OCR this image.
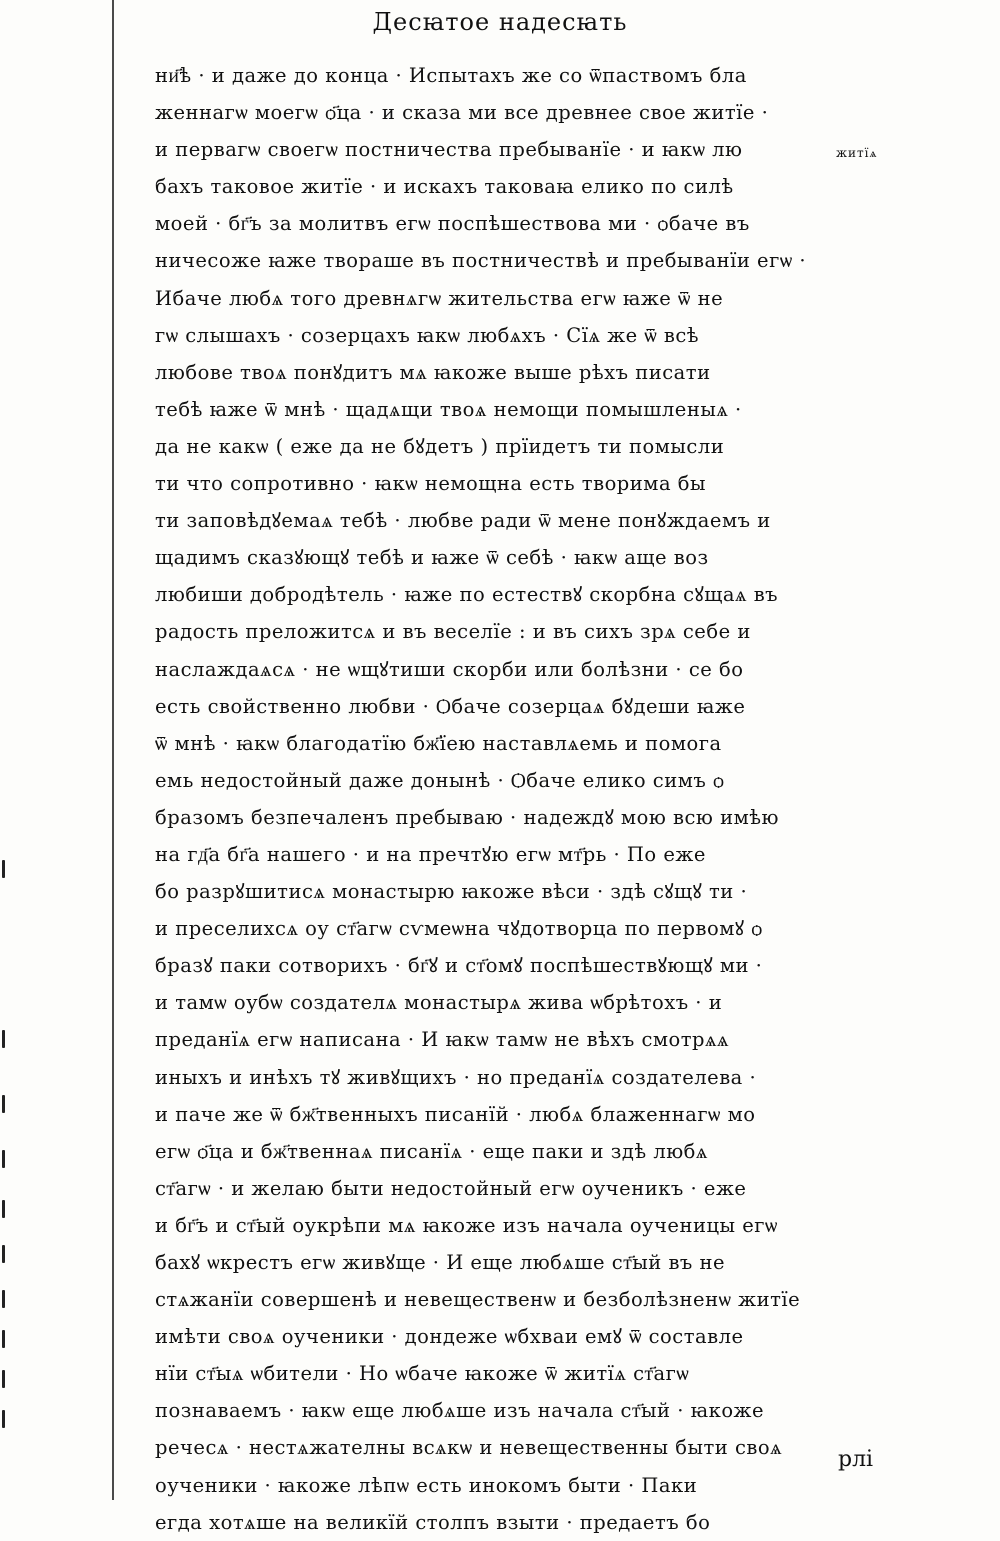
Десꙗтое надесꙗть
житїѧ
ни҃ѣ · и даже до конца · Испытахъ же со ѿпаствомъ бла
женнагѡ моегѡ ѻ҃ца · и сказа ми все древнее свое житїе ·
и первагѡ своегѡ постничества пребыванїе · и ꙗкѡ лю
бахъ таковое житїе · и искахъ таковаꙗ елико по силѣ
моей · бг҃ъ за молитвъ егѡ поспѣшествова ми · ѻбаче въ
ничесоже ꙗже твораше въ постничествѣ и пребыванїи егѡ ·
Ибаче любѧ того древнѧгѡ жительства егѡ ꙗже ѿ не
гѡ слышахъ · созерцахъ ꙗкѡ любѧхъ · Сїѧ же ѿ всѣ
любове твоѧ понꙋдитъ мѧ ꙗкоже выше рѣхъ писати
тебѣ ꙗже ѿ мнѣ · щадѧщи твоѧ немощи помышленыѧ ·
да не какѡ ( еже да не бꙋдетъ ) прїидетъ ти помысли
ти что сопротивно · ꙗкѡ немощна есть творима бы
ти заповѣдꙋемаѧ тебѣ · любве ради ѿ мене понꙋждаемъ и
щадимъ сказꙋющꙋ тебѣ и ꙗже ѿ себѣ · ꙗкѡ аще воз
любиши добродѣтель · ꙗже по естествꙋ скорбна сꙋщаѧ въ
радость преложитсѧ и въ веселїе : и въ сихъ зрѧ себе и
наслаждаѧсѧ · не ѡщꙋтиши скорби или болѣзни · се бо
есть свойственно любви · Ѻбаче созерцаѧ бꙋдеши ꙗже
ѿ мнѣ · ꙗкѡ благодатїю бж҃їею наставлѧемь и помога
емь недостойный даже донынѣ · Ѻбаче елико симъ ѻ
бразомъ безпечаленъ пребываю · надеждꙋ мою всю имѣю
на гд҃а бг҃а нашего · и на пречтꙋю егѡ мт҃рь · По еже
бо разрꙋшитисѧ монастырю ꙗкоже вѣси · здѣ сꙋщꙋ ти ·
и преселихсѧ оу ст҃агѡ сѵмеѡна чꙋдотворца по первомꙋ ѻ
бразꙋ паки сотворихъ · бг҃ꙋ и ст҃омꙋ поспѣшествꙋющꙋ ми ·
и тамѡ оубѡ создателѧ монастырѧ жива ѡбрѣтохъ · и
преданїѧ егѡ написана · И ꙗкѡ тамѡ не вѣхъ смотрѧѧ
иныхъ и инѣхъ тꙋ живꙋщихъ · но преданїѧ создателева ·
и паче же ѿ бж҃твенныхъ писанїй · любѧ блаженнагѡ мо
егѡ ѻ҃ца и бж҃твеннаѧ писанїѧ · еще паки и здѣ любѧ
ст҃агѡ · и желаю быти недостойный егѡ оученикъ · еже
и бг҃ъ и ст҃ый оукрѣпи мѧ ꙗкоже изъ начала оученицы егѡ
бахꙋ ѡкрестъ егѡ живꙋще · И еще любѧше ст҃ый въ не
стѧжанїи совершенѣ и невещественѡ и безболѣзненѡ житїе
имѣти своѧ оученики · дондеже ѡбхваи емꙋ ѿ составле
нїи ст҃ыѧ ѡбители · Но ѡбаче ꙗкоже ѿ житїѧ ст҃агѡ
познаваемъ · ꙗкѡ еще любѧше изъ начала ст҃ый · ꙗкоже
речесѧ · нестѧжателны всѧкѡ и невещественны быти своѧ
оученики · ꙗкоже лѣпѡ есть инокомъ быти · Паки
егда хотѧше на великїй столпъ взыти · предаетъ бо
рлі
